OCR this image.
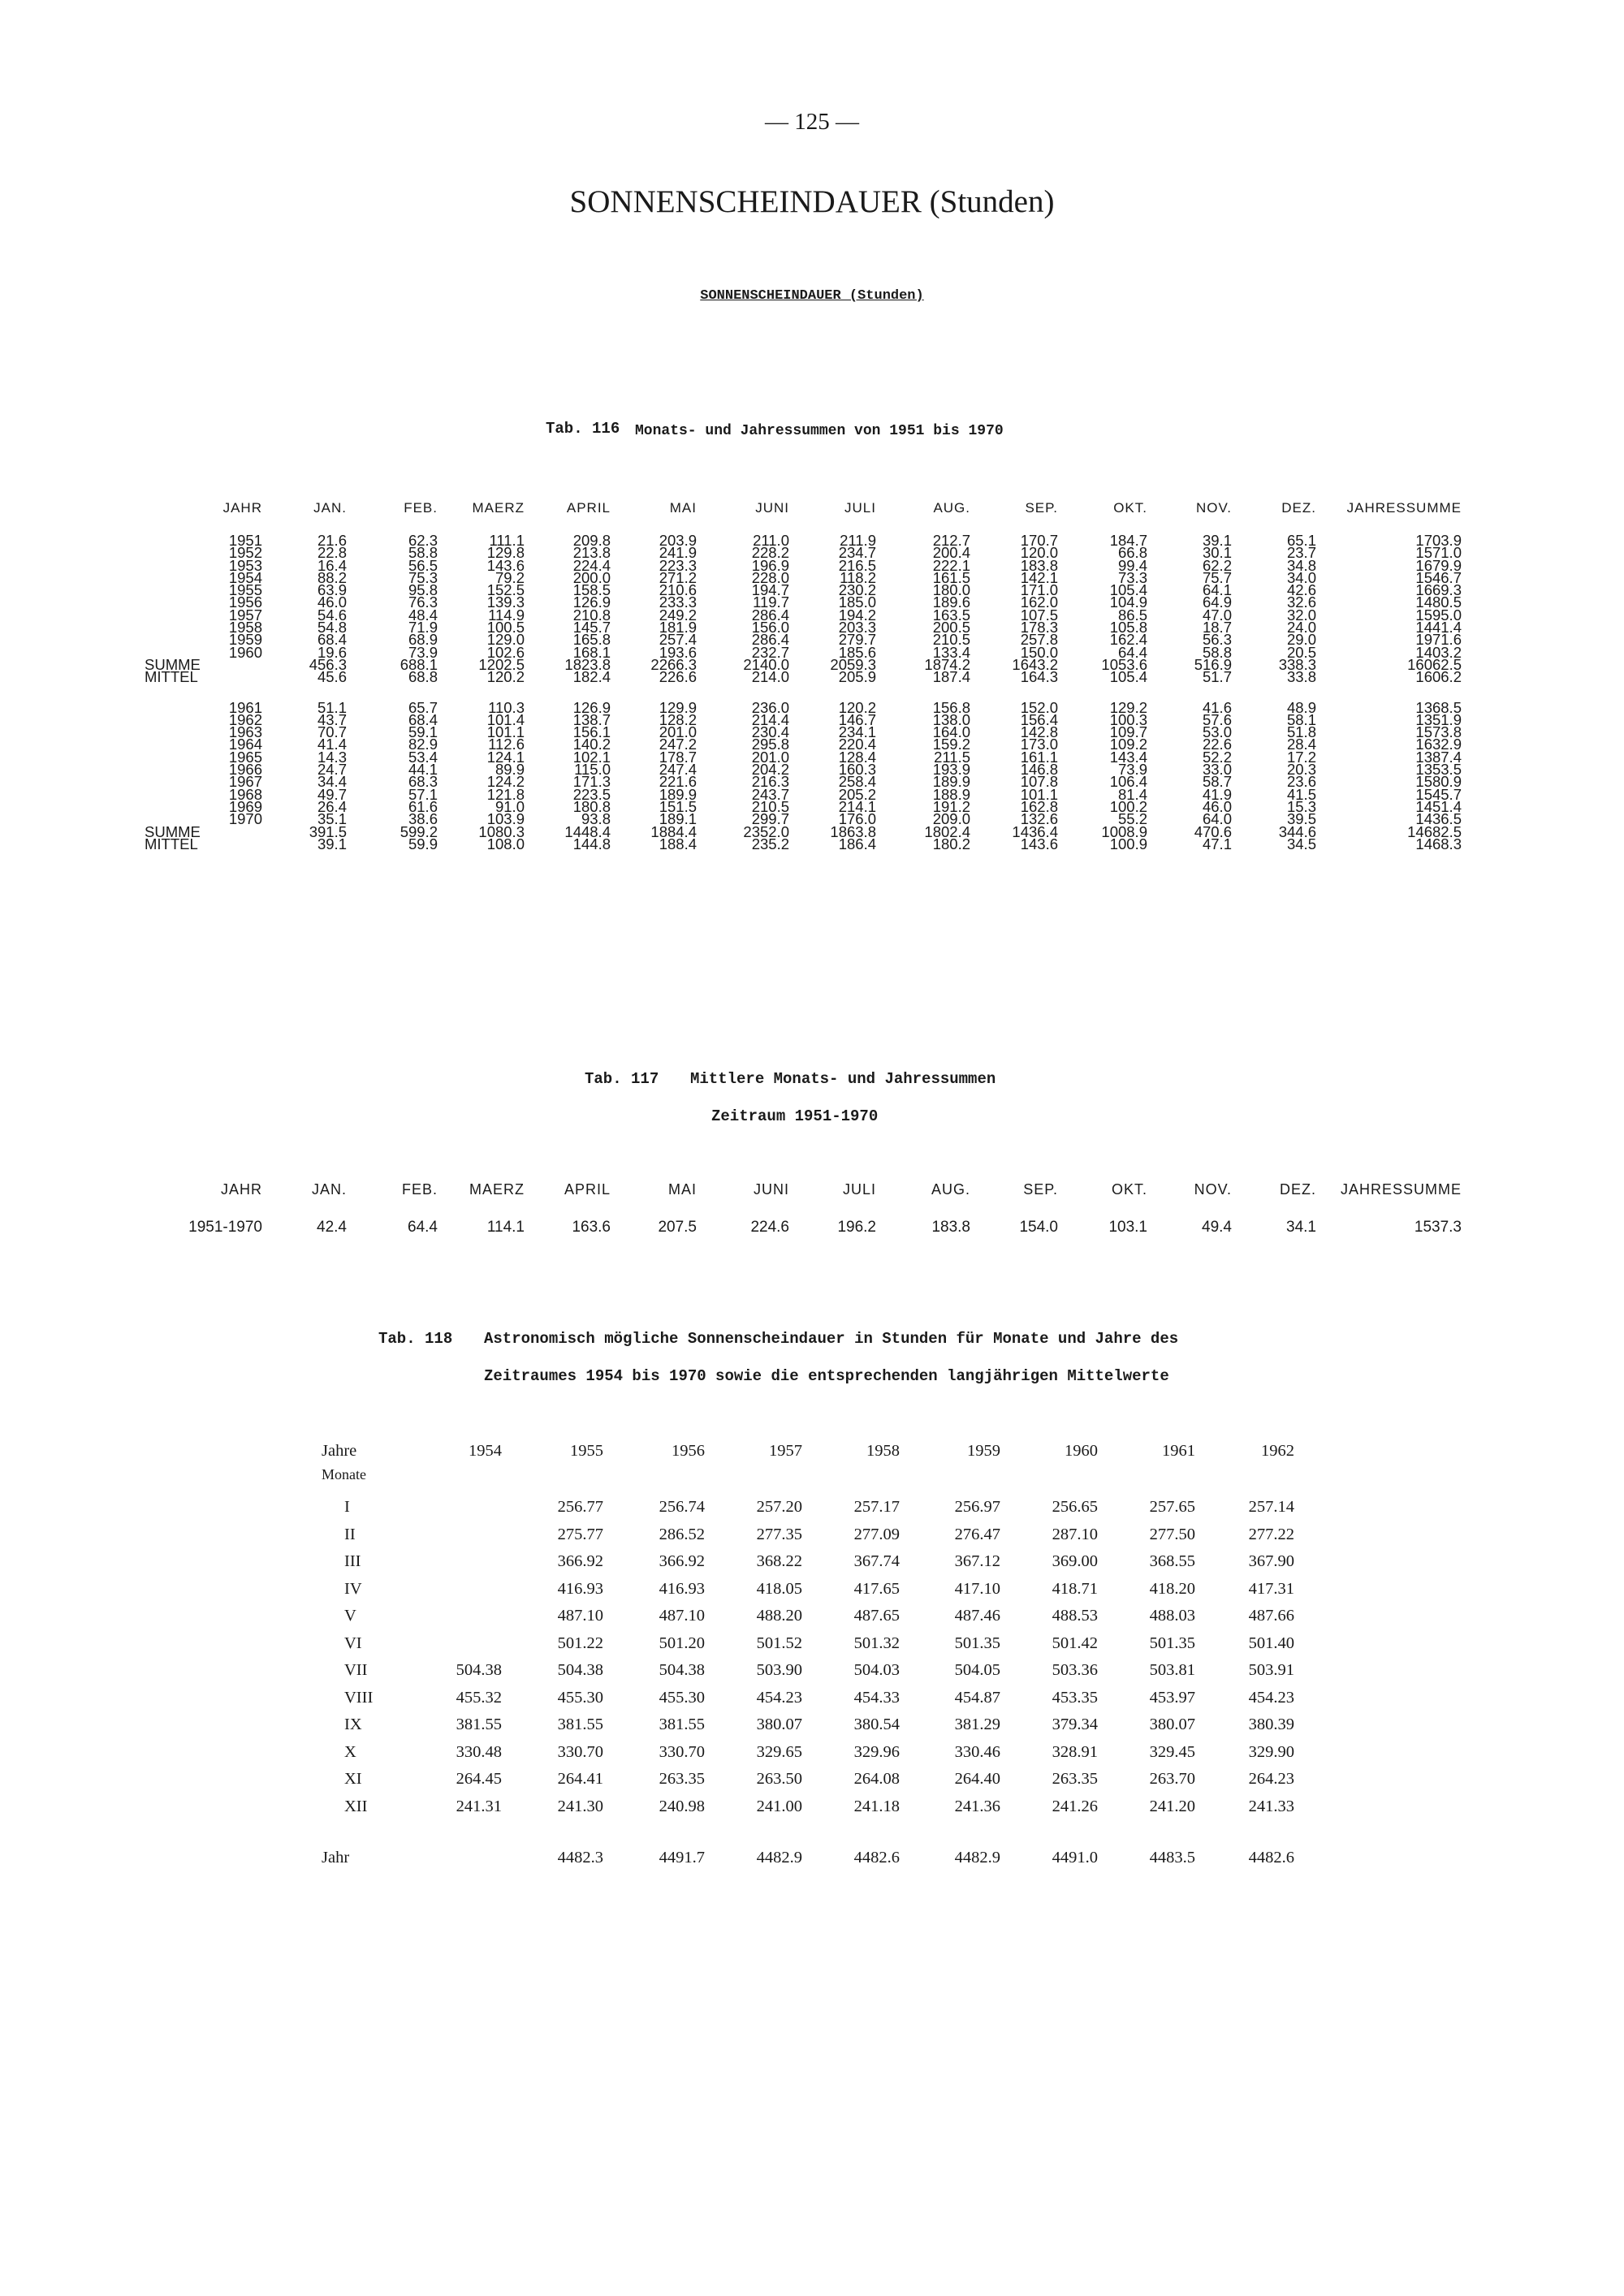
— 125 —
SONNENSCHEINDAUER (Stunden)
SONNENSCHEINDAUER (Stunden)
Tab. 116 Monats- und Jahressummen von 1951 bis 1970
JAHR	JAN.	FEB.	MAERZ	APRIL	MAI	JUNI	JULI	AUG.	SEP.	OKT.	NOV.	DEZ.	JAHRESSUMME
1951	21.6	62.3	111.1	209.8	203.9	211.0	211.9	212.7	170.7	184.7	39.1	65.1	1703.9
1952	22.8	58.8	129.8	213.8	241.9	228.2	234.7	200.4	120.0	66.8	30.1	23.7	1571.0
1953	16.4	56.5	143.6	224.4	223.3	196.9	216.5	222.1	183.8	99.4	62.2	34.8	1679.9
1954	88.2	75.3	79.2	200.0	271.2	228.0	118.2	161.5	142.1	73.3	75.7	34.0	1546.7
1955	63.9	95.8	152.5	158.5	210.6	194.7	230.2	180.0	171.0	105.4	64.1	42.6	1669.3
1956	46.0	76.3	139.3	126.9	233.3	119.7	185.0	189.6	162.0	104.9	64.9	32.6	1480.5
1957	54.6	48.4	114.9	210.8	249.2	286.4	194.2	163.5	107.5	86.5	47.0	32.0	1595.0
1958	54.8	71.9	100.5	145.7	181.9	156.0	203.3	200.5	178.3	105.8	18.7	24.0	1441.4
1959	68.4	68.9	129.0	165.8	257.4	286.4	279.7	210.5	257.8	162.4	56.3	29.0	1971.6
1960	19.6	73.9	102.6	168.1	193.6	232.7	185.6	133.4	150.0	64.4	58.8	20.5	1403.2
SUMME	456.3	688.1	1202.5	1823.8	2266.3	2140.0	2059.3	1874.2	1643.2	1053.6	516.9	338.3	16062.5
MITTEL	45.6	68.8	120.2	182.4	226.6	214.0	205.9	187.4	164.3	105.4	51.7	33.8	1606.2

1961	51.1	65.7	110.3	126.9	129.9	236.0	120.2	156.8	152.0	129.2	41.6	48.9	1368.5
1962	43.7	68.4	101.4	138.7	128.2	214.4	146.7	138.0	156.4	100.3	57.6	58.1	1351.9
1963	70.7	59.1	101.1	156.1	201.0	230.4	234.1	164.0	142.8	109.7	53.0	51.8	1573.8
1964	41.4	82.9	112.6	140.2	247.2	295.8	220.4	159.2	173.0	109.2	22.6	28.4	1632.9
1965	14.3	53.4	124.1	102.1	178.7	201.0	128.4	211.5	161.1	143.4	52.2	17.2	1387.4
1966	24.7	44.1	89.9	115.0	247.4	204.2	160.3	193.9	146.8	73.9	33.0	20.3	1353.5
1967	34.4	68.3	124.2	171.3	221.6	216.3	258.4	189.9	107.8	106.4	58.7	23.6	1580.9
1968	49.7	57.1	121.8	223.5	189.9	243.7	205.2	188.9	101.1	81.4	41.9	41.5	1545.7
1969	26.4	61.6	91.0	180.8	151.5	210.5	214.1	191.2	162.8	100.2	46.0	15.3	1451.4
1970	35.1	38.6	103.9	93.8	189.1	299.7	176.0	209.0	132.6	55.2	64.0	39.5	1436.5
SUMME	391.5	599.2	1080.3	1448.4	1884.4	2352.0	1863.8	1802.4	1436.4	1008.9	470.6	344.6	14682.5
MITTEL	39.1	59.9	108.0	144.8	188.4	235.2	186.4	180.2	143.6	100.9	47.1	34.5	1468.3
Tab. 117 Mittlere Monats- und Jahressummen
Zeitraum 1951-1970
JAHR	JAN.	FEB.	MAERZ	APRIL	MAI	JUNI	JULI	AUG.	SEP.	OKT.	NOV.	DEZ.	JAHRESSUMME
1951-1970	42.4	64.4	114.1	163.6	207.5	224.6	196.2	183.8	154.0	103.1	49.4	34.1	1537.3
Tab. 118 Astronomisch mögliche Sonnenscheindauer in Stunden für Monate und Jahre des
Zeitraumes 1954 bis 1970 sowie die entsprechenden langjährigen Mittelwerte
Jahre	1954	1955	1956	1957	1958	1959	1960	1961	1962
Monate									
I		256.77	256.74	257.20	257.17	256.97	256.65	257.65	257.14
II		275.77	286.52	277.35	277.09	276.47	287.10	277.50	277.22
III		366.92	366.92	368.22	367.74	367.12	369.00	368.55	367.90
IV		416.93	416.93	418.05	417.65	417.10	418.71	418.20	417.31
V		487.10	487.10	488.20	487.65	487.46	488.53	488.03	487.66
VI		501.22	501.20	501.52	501.32	501.35	501.42	501.35	501.40
VII	504.38	504.38	504.38	503.90	504.03	504.05	503.36	503.81	503.91
VIII	455.32	455.30	455.30	454.23	454.33	454.87	453.35	453.97	454.23
IX	381.55	381.55	381.55	380.07	380.54	381.29	379.34	380.07	380.39
X	330.48	330.70	330.70	329.65	329.96	330.46	328.91	329.45	329.90
XI	264.45	264.41	263.35	263.50	264.08	264.40	263.35	263.70	264.23
XII	241.31	241.30	240.98	241.00	241.18	241.36	241.26	241.20	241.33

Jahr		4482.3	4491.7	4482.9	4482.6	4482.9	4491.0	4483.5	4482.6
